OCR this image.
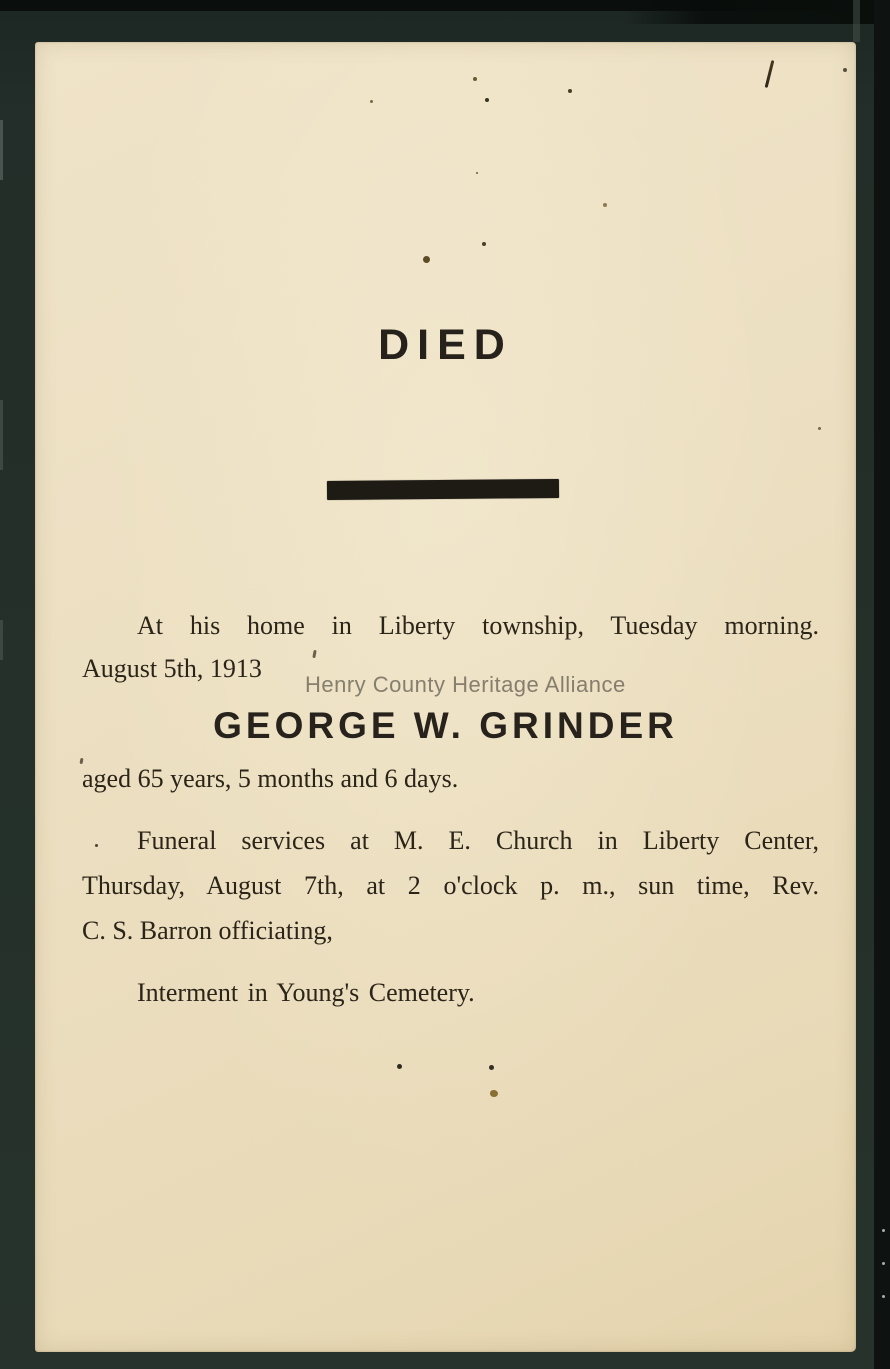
DIED
At his home in Liberty township, Tuesday morning.
August 5th, 1913
Henry County Heritage Alliance
GEORGE W. GRINDER
aged 65 years, 5 months and 6 days.
Funeral services at M. E. Church in Liberty Center,
Thursday, August 7th, at 2 o'clock p. m., sun time, Rev.
C. S. Barron officiating,
Interment in Young's Cemetery.
